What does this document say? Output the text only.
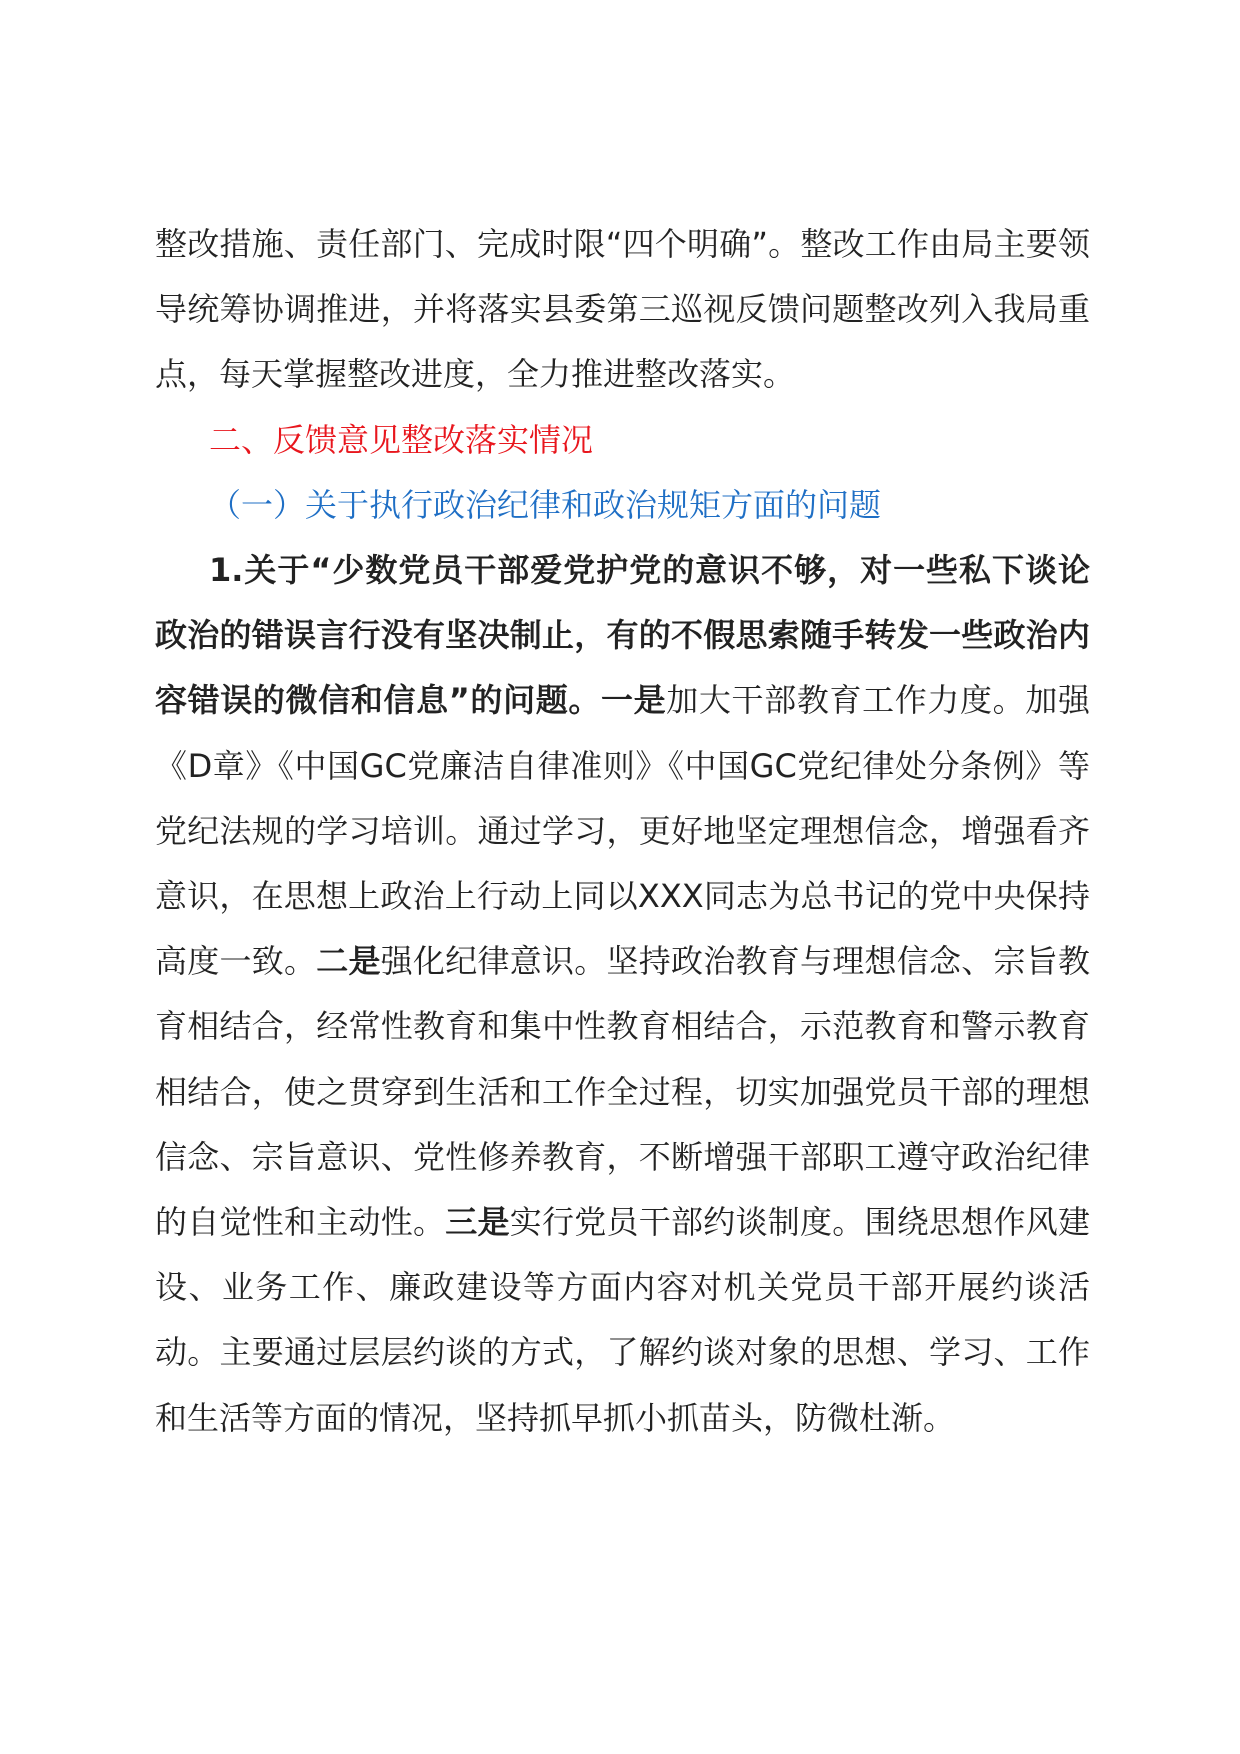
整改措施、责任部门、完成时限“四个明确”。整改工作由局主要领导统筹协调推进，并将落实县委第三巡视反馈问题整改列入我局重点，每天掌握整改进度，全力推进整改落实。

二、反馈意见整改落实情况

（一）关于执行政治纪律和政治规矩方面的问题

1.关于“少数党员干部爱党护党的意识不够，对一些私下谈论政治的错误言行没有坚决制止，有的不假思索随手转发一些政治内容错误的微信和信息”的问题。一是加大干部教育工作力度。加强《D章》《中国GC党廉洁自律准则》《中国GC党纪律处分条例》等党纪法规的学习培训。通过学习，更好地坚定理想信念，增强看齐意识，在思想上政治上行动上同以XXX同志为总书记的党中央保持高度一致。二是强化纪律意识。坚持政治教育与理想信念、宗旨教育相结合，经常性教育和集中性教育相结合，示范教育和警示教育相结合，使之贯穿到生活和工作全过程，切实加强党员干部的理想信念、宗旨意识、党性修养教育，不断增强干部职工遵守政治纪律的自觉性和主动性。三是实行党员干部约谈制度。围绕思想作风建设、业务工作、廉政建设等方面内容对机关党员干部开展约谈活动。主要通过层层约谈的方式，了解约谈对象的思想、学习、工作和生活等方面的情况，坚持抓早抓小抓苗头，防微杜渐。
